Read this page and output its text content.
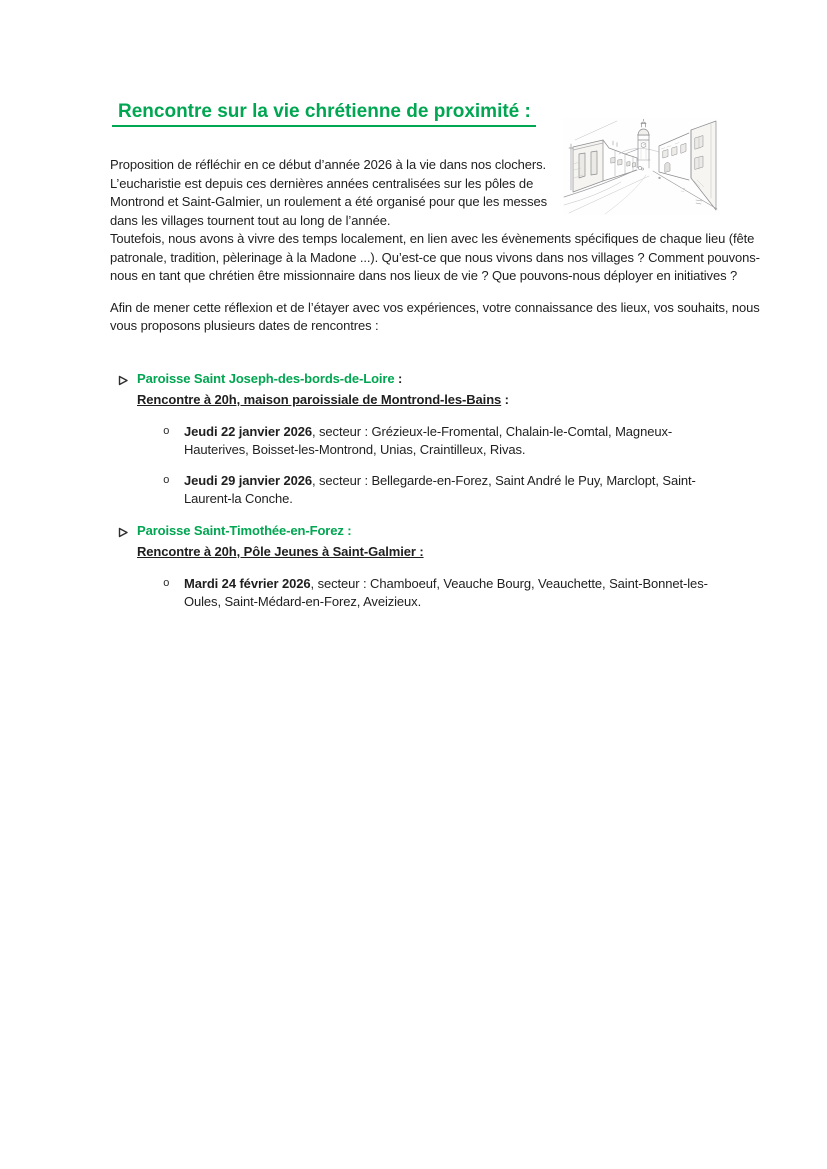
Rencontre sur la vie chrétienne de proximité :

Proposition de réfléchir en ce début d’année 2026 à la vie dans nos clochers. L’eucharistie est depuis ces dernières années centralisées sur les pôles de Montrond et Saint-Galmier, un roulement a été organisé pour que les messes dans les villages tournent tout au long de l’année.

Toutefois, nous avons à vivre des temps localement, en lien avec les évènements spécifiques de chaque lieu (fête patronale, tradition, pèlerinage à la Madone ...). Qu’est-ce que nous vivons dans nos villages ? Comment pouvons-nous en tant que chrétien être missionnaire dans nos lieux de vie ? Que pouvons-nous déployer en initiatives ?

Afin de mener cette réflexion et de l’étayer avec vos expériences, votre connaissance des lieux, vos souhaits, nous vous proposons plusieurs dates de rencontres :

Paroisse Saint Joseph-des-bords-de-Loire :
Rencontre à 20h, maison paroissiale de Montrond-les-Bains :
o	Jeudi 22 janvier 2026, secteur : Grézieux-le-Fromental, Chalain-le-Comtal, Magneux-Hauterives, Boisset-les-Montrond, Unias, Craintilleux, Rivas.
o	Jeudi 29 janvier 2026, secteur : Bellegarde-en-Forez, Saint André le Puy, Marclopt, Saint-Laurent-la Conche.
Paroisse Saint-Timothée-en-Forez :
Rencontre à 20h, Pôle Jeunes à Saint-Galmier :
o	Mardi 24 février 2026, secteur : Chamboeuf, Veauche Bourg, Veauchette, Saint-Bonnet-les-Oules, Saint-Médard-en-Forez, Aveizieux.
